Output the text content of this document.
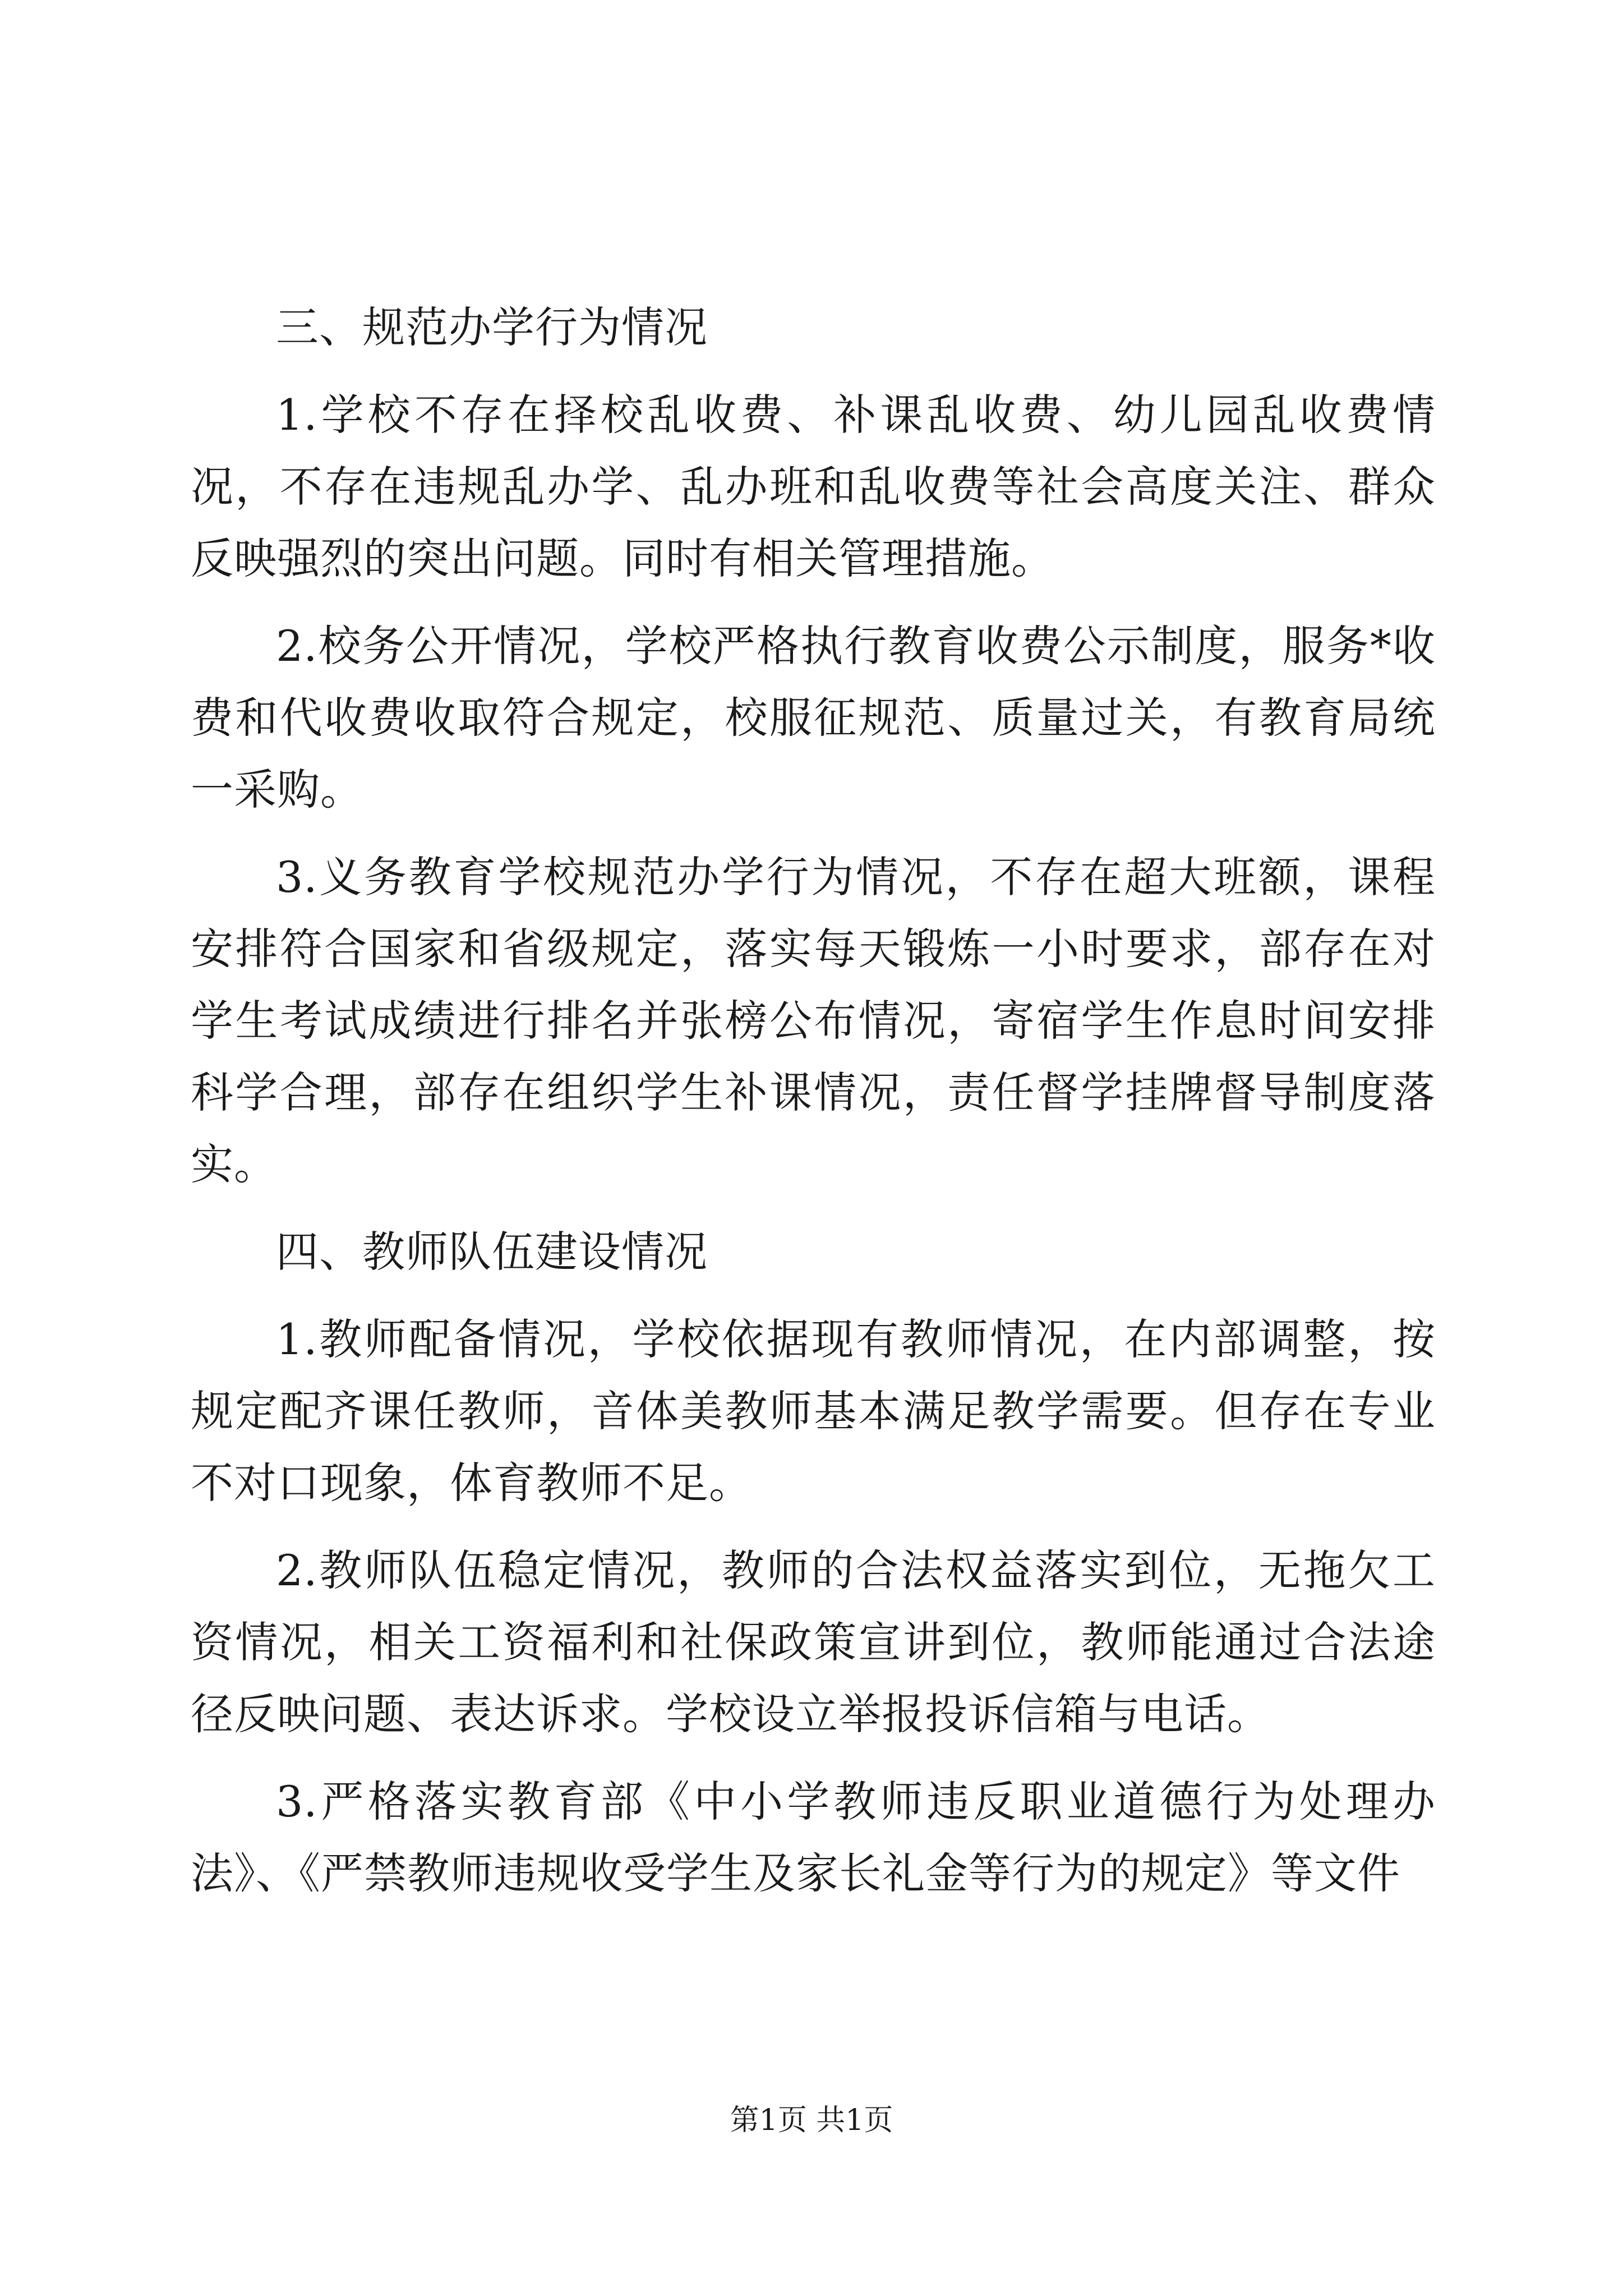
三、规范办学行为情况

1.学校不存在择校乱收费、补课乱收费、幼儿园乱收费情况，不存在违规乱办学、乱办班和乱收费等社会高度关注、群众反映强烈的突出问题。同时有相关管理措施。

2.校务公开情况，学校严格执行教育收费公示制度，服务*收费和代收费收取符合规定，校服征规范、质量过关，有教育局统一采购。

3.义务教育学校规范办学行为情况，不存在超大班额，课程安排符合国家和省级规定，落实每天锻炼一小时要求，部存在对学生考试成绩进行排名并张榜公布情况，寄宿学生作息时间安排科学合理，部存在组织学生补课情况，责任督学挂牌督导制度落实。

四、教师队伍建设情况

1.教师配备情况，学校依据现有教师情况，在内部调整，按规定配齐课任教师，音体美教师基本满足教学需要。但存在专业不对口现象，体育教师不足。

2.教师队伍稳定情况，教师的合法权益落实到位，无拖欠工资情况，相关工资福利和社保政策宣讲到位，教师能通过合法途径反映问题、表达诉求。学校设立举报投诉信箱与电话。

3.严格落实教育部《中小学教师违反职业道德行为处理办法》、《严禁教师违规收受学生及家长礼金等行为的规定》等文件

第1页 共1页
